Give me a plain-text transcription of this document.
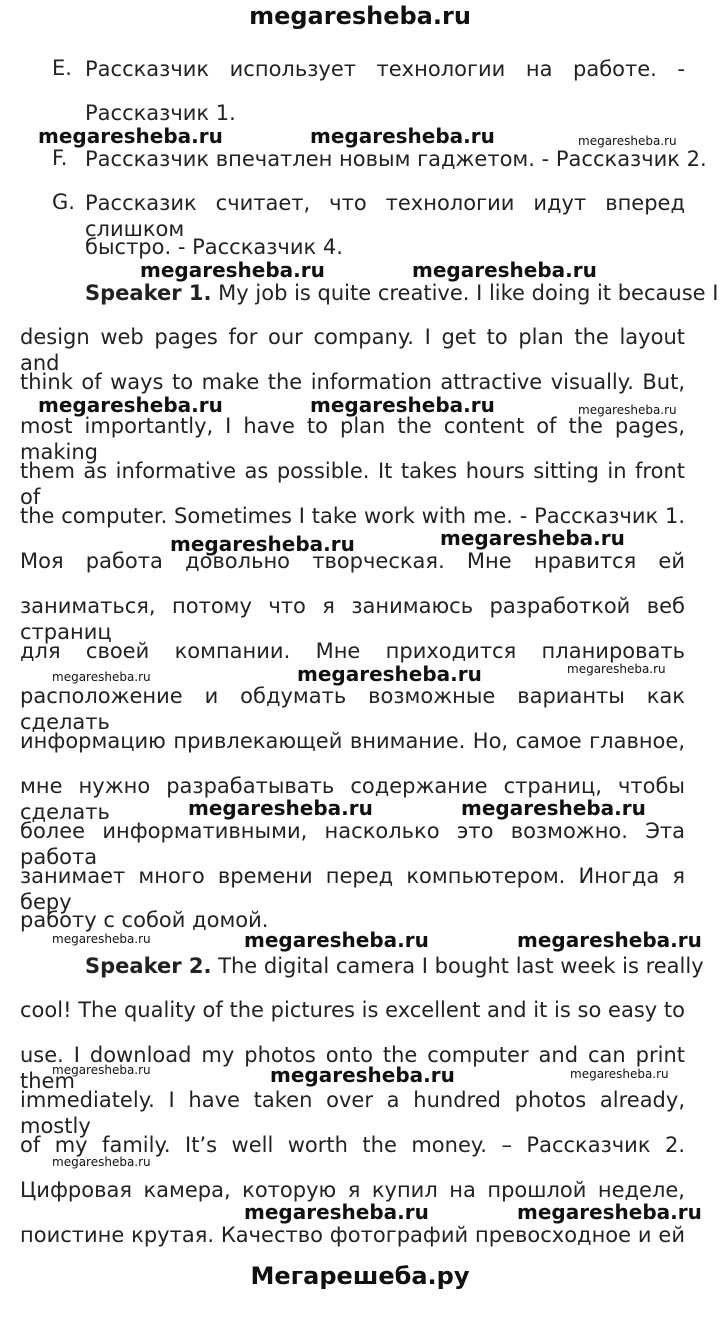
megaresheba.ru
Мегарешеба.ру
E. Рассказчик использует технологии на работе. -

Рассказчик 1.

F. Рассказчик впечатлен новым гаджетом. - Рассказчик 2.

G. Рассказик считает, что технологии идут вперед слишком

быстро. - Рассказчик 4.

Speaker 1. My job is quite creative. I like doing it because I

design web pages for our company. I get to plan the layout and

think of ways to make the information attractive visually. But,

most importantly, I have to plan the content of the pages, making

them as informative as possible. It takes hours sitting in front of

the computer. Sometimes I take work with me. - Рассказчик 1.

Моя работа довольно творческая. Мне нравится ей

заниматься, потому что я занимаюсь разработкой веб страниц

для своей компании. Мне приходится планировать

расположение и обдумать возможные варианты как сделать

информацию привлекающей внимание. Но, самое главное,

мне нужно разрабатывать содержание страниц, чтобы сделать

более информативными, насколько это возможно. Эта работа

занимает много времени перед компьютером. Иногда я беру

работу с собой домой.

Speaker 2. The digital camera I bought last week is really

cool! The quality of the pictures is excellent and it is so easy to

use. I download my photos onto the computer and can print them

immediately. I have taken over a hundred photos already, mostly

of my family. It’s well worth the money. – Рассказчик 2.

Цифровая камера, которую я купил на прошлой неделе,

поистине крутая. Качество фотографий превосходное и ей

megaresheba.ru	megaresheba.ru
megaresheba.ru	megaresheba.ru
megaresheba.ru	megaresheba.ru
megaresheba.ru	megaresheba.ru
megaresheba.ru
megaresheba.ru	megaresheba.ru
megaresheba.ru	megaresheba.ru
megaresheba.ru
megaresheba.ru	megaresheba.ru
megaresheba.ru
megaresheba.ru
megaresheba.ru
megaresheba.ru
megaresheba.ru
megaresheba.ru	megaresheba.ru
megaresheba.ru
